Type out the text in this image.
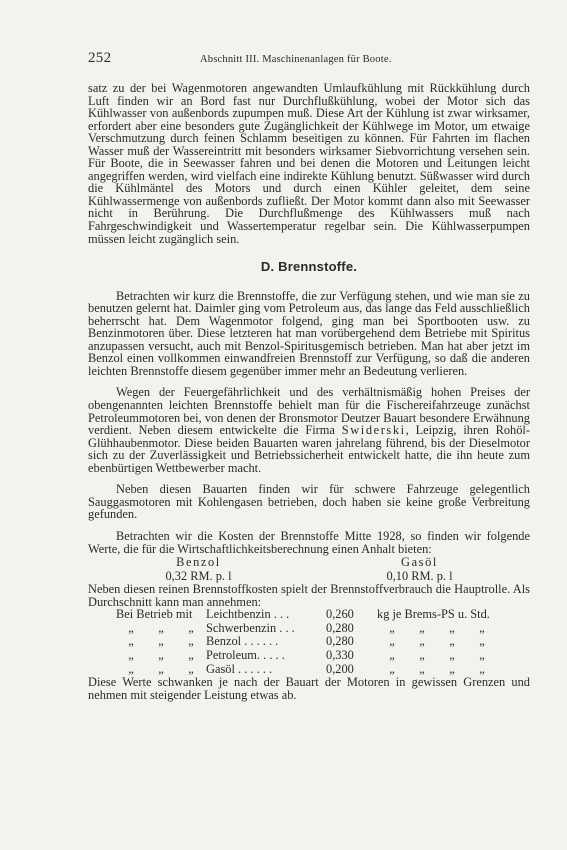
252	Abschnitt III. Maschinenanlagen für Boote.

satz zu der bei Wagenmotoren angewandten Umlaufkühlung mit Rückkühlung durch Luft finden wir an Bord fast nur Durchflußkühlung, wobei der Motor sich das Kühlwasser von außenbords zupumpen muß. Diese Art der Kühlung ist zwar wirksamer, erfordert aber eine besonders gute Zugänglichkeit der Kühlwege im Motor, um etwaige Verschmutzung durch feinen Schlamm beseitigen zu können. Für Fahrten im flachen Wasser muß der Wassereintritt mit besonders wirksamer Siebvorrichtung versehen sein. Für Boote, die in Seewasser fahren und bei denen die Motoren und Leitungen leicht angegriffen werden, wird vielfach eine indirekte Kühlung benutzt. Süßwasser wird durch die Kühlmäntel des Motors und durch einen Kühler geleitet, dem seine Kühlwassermenge von außenbords zufließt. Der Motor kommt dann also mit Seewasser nicht in Berührung. Die Durchflußmenge des Kühlwassers muß nach Fahrgeschwindigkeit und Wassertemperatur regelbar sein. Die Kühlwasserpumpen müssen leicht zugänglich sein.

D. Brennstoffe.

Betrachten wir kurz die Brennstoffe, die zur Verfügung stehen, und wie man sie zu benutzen gelernt hat. Daimler ging vom Petroleum aus, das lange das Feld ausschließlich beherrscht hat. Dem Wagenmotor folgend, ging man bei Sportbooten usw. zu Benzinmotoren über. Diese letzteren hat man vorübergehend dem Betriebe mit Spiritus anzupassen versucht, auch mit Benzol-Spiritusgemisch betrieben. Man hat aber jetzt im Benzol einen vollkommen einwandfreien Brennstoff zur Verfügung, so daß die anderen leichten Brennstoffe diesem gegenüber immer mehr an Bedeutung verlieren.

Wegen der Feuergefährlichkeit und des verhältnismäßig hohen Preises der obengenannten leichten Brennstoffe behielt man für die Fischereifahrzeuge zunächst Petroleummotoren bei, von denen der Bronsmotor Deutzer Bauart besondere Erwähnung verdient. Neben diesem entwickelte die Firma Swiderski, Leipzig, ihren Rohöl-Glühhaubenmotor. Diese beiden Bauarten waren jahrelang führend, bis der Dieselmotor sich zu der Zuverlässigkeit und Betriebssicherheit entwickelt hatte, die ihn heute zum ebenbürtigen Wettbewerber macht.

Neben diesen Bauarten finden wir für schwere Fahrzeuge gelegentlich Sauggasmotoren mit Kohlengasen betrieben, doch haben sie keine große Verbreitung gefunden.

Betrachten wir die Kosten der Brennstoffe Mitte 1928, so finden wir folgende Werte, die für die Wirtschaftlichkeitsberechnung einen Anhalt bieten:

Benzol	Gasöl
0,32 RM. p. l	0,10 RM. p. l

Neben diesen reinen Brennstoffkosten spielt der Brennstoffverbrauch die Hauptrolle. Als Durchschnitt kann man annehmen:

Bei Betrieb mit	Leichtbenzin . . .	0,260	kg je Brems-PS u. Std.
„ „ „	Schwerbenzin . . .	0,280	„ „ „ „
„ „ „	Benzol . . . . . .	0,280	„ „ „ „
„ „ „	Petroleum. . . . .	0,330	„ „ „ „
„ „ „	Gasöl . . . . . .	0,200	„ „ „ „

Diese Werte schwanken je nach der Bauart der Motoren in gewissen Grenzen und nehmen mit steigender Leistung etwas ab.
